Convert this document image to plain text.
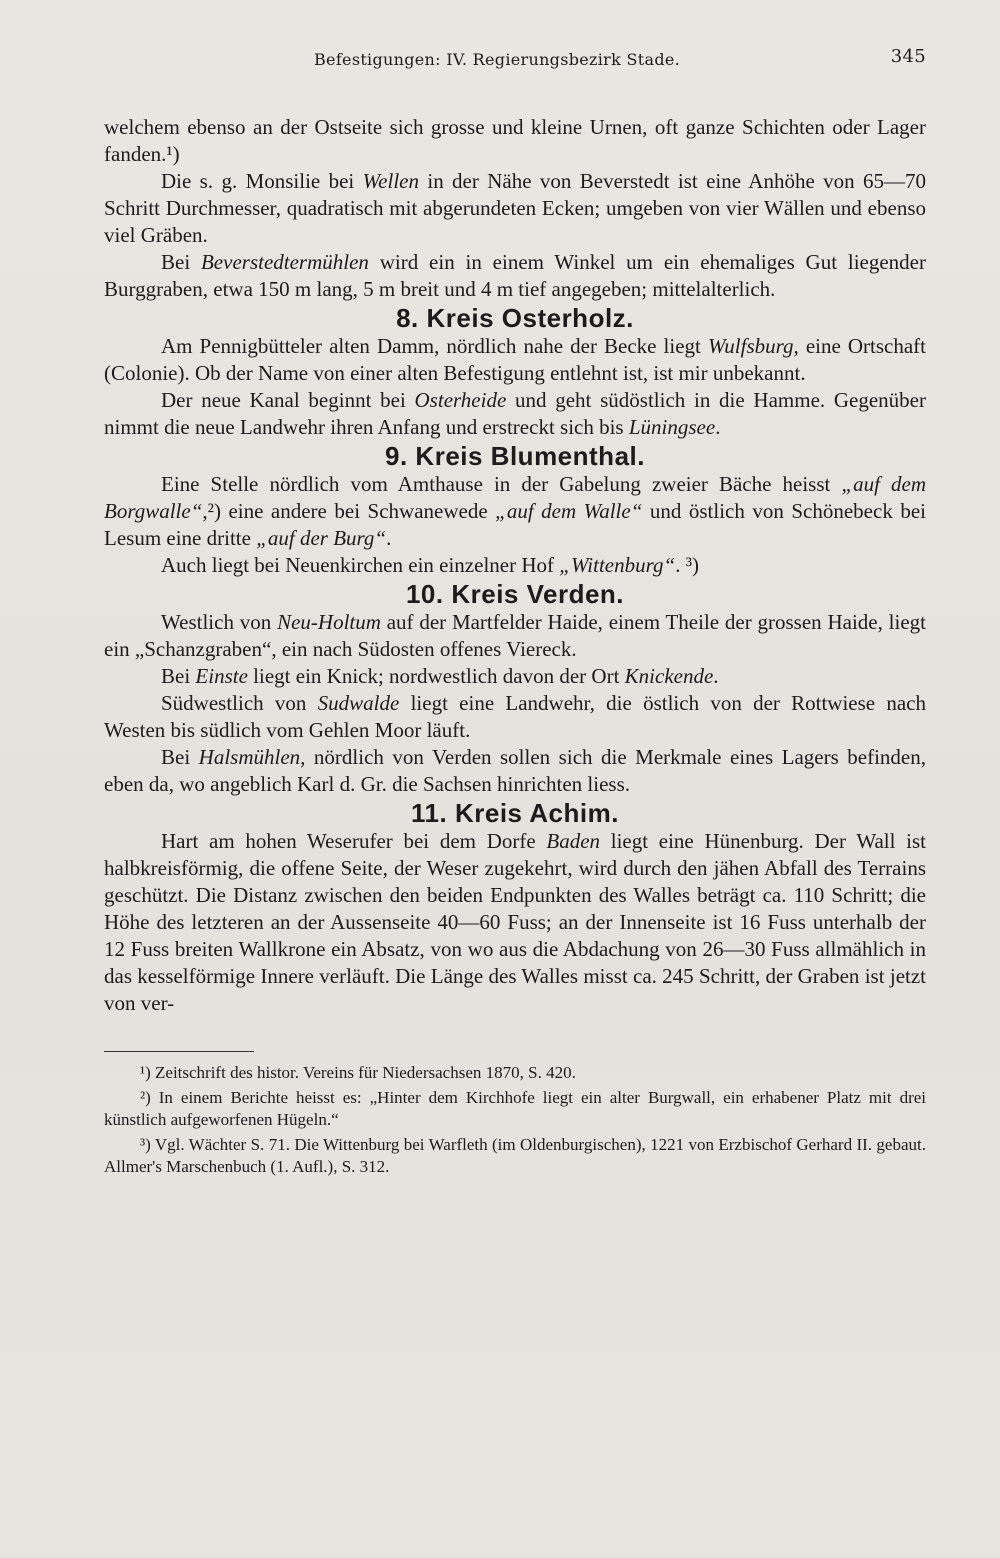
Befestigungen: IV. Regierungsbezirk Stade.	345

welchem ebenso an der Ostseite sich grosse und kleine Urnen, oft ganze Schichten oder Lager fanden.¹)

Die s. g. Monsilie bei Wellen in der Nähe von Beverstedt ist eine Anhöhe von 65—70 Schritt Durchmesser, quadratisch mit abgerundeten Ecken; umgeben von vier Wällen und ebenso viel Gräben.

Bei Beverstedtermühlen wird ein in einem Winkel um ein ehemaliges Gut liegender Burggraben, etwa 150 m lang, 5 m breit und 4 m tief angegeben; mittelalterlich.

8. Kreis Osterholz.

Am Pennigbütteler alten Damm, nördlich nahe der Becke liegt Wulfsburg, eine Ortschaft (Colonie). Ob der Name von einer alten Befestigung entlehnt ist, ist mir unbekannt.

Der neue Kanal beginnt bei Osterheide und geht südöstlich in die Hamme. Gegenüber nimmt die neue Landwehr ihren Anfang und erstreckt sich bis Lüningsee.

9. Kreis Blumenthal.

Eine Stelle nördlich vom Amthause in der Gabelung zweier Bäche heisst „auf dem Borgwalle“,²) eine andere bei Schwanewede „auf dem Walle“ und östlich von Schönebeck bei Lesum eine dritte „auf der Burg“.

Auch liegt bei Neuenkirchen ein einzelner Hof „Wittenburg“. ³)

10. Kreis Verden.

Westlich von Neu-Holtum auf der Martfelder Haide, einem Theile der grossen Haide, liegt ein „Schanzgraben“, ein nach Südosten offenes Viereck.

Bei Einste liegt ein Knick; nordwestlich davon der Ort Knickende.

Südwestlich von Sudwalde liegt eine Landwehr, die östlich von der Rottwiese nach Westen bis südlich vom Gehlen Moor läuft.

Bei Halsmühlen, nördlich von Verden sollen sich die Merkmale eines Lagers befinden, eben da, wo angeblich Karl d. Gr. die Sachsen hinrichten liess.

11. Kreis Achim.

Hart am hohen Weserufer bei dem Dorfe Baden liegt eine Hünenburg. Der Wall ist halbkreisförmig, die offene Seite, der Weser zugekehrt, wird durch den jähen Abfall des Terrains geschützt. Die Distanz zwischen den beiden Endpunkten des Walles beträgt ca. 110 Schritt; die Höhe des letzteren an der Aussenseite 40—60 Fuss; an der Innenseite ist 16 Fuss unterhalb der 12 Fuss breiten Wallkrone ein Absatz, von wo aus die Abdachung von 26—30 Fuss allmählich in das kesselförmige Innere verläuft. Die Länge des Walles misst ca. 245 Schritt, der Graben ist jetzt von ver-

¹) Zeitschrift des histor. Vereins für Niedersachsen 1870, S. 420.

²) In einem Berichte heisst es: „Hinter dem Kirchhofe liegt ein alter Burgwall, ein erhabener Platz mit drei künstlich aufgeworfenen Hügeln.“

³) Vgl. Wächter S. 71. Die Wittenburg bei Warfleth (im Oldenburgischen), 1221 von Erzbischof Gerhard II. gebaut. Allmer's Marschenbuch (1. Aufl.), S. 312.
